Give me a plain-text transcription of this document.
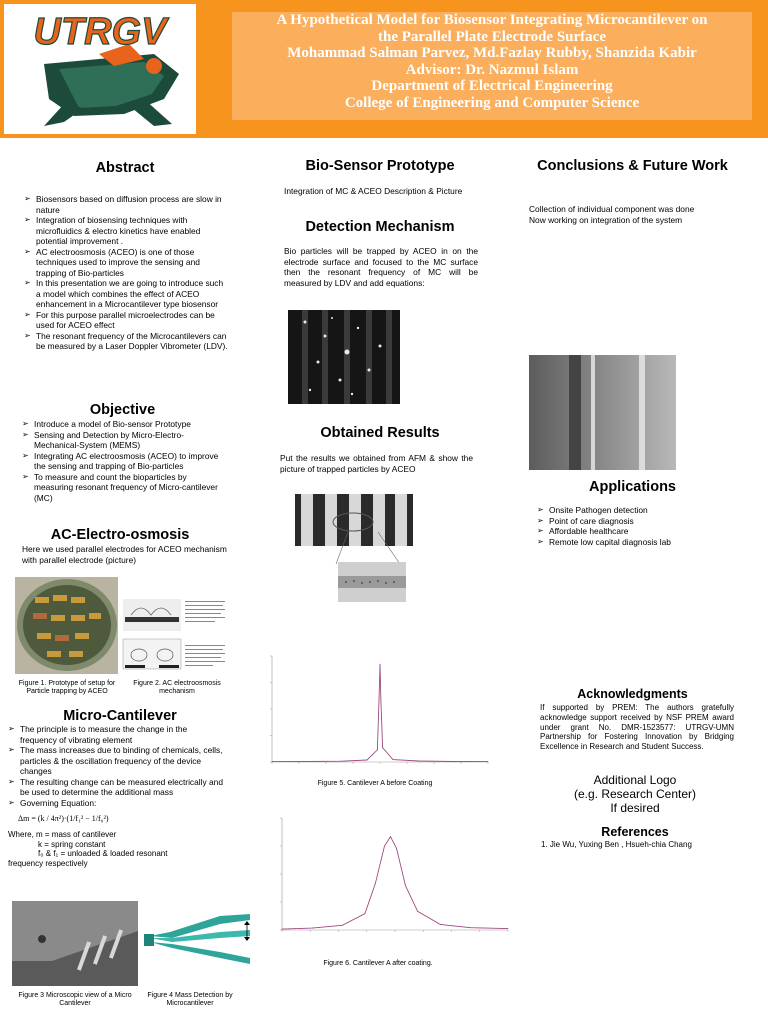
UTRGV	A Hypothetical Model for Biosensor Integrating Microcantilever on
the Parallel Plate Electrode Surface
Mohammad Salman Parvez, Md.Fazlay Rubby, Shanzida Kabir
Advisor: Dr. Nazmul Islam
Department of Electrical Engineering
College of Engineering and Computer Science
Abstract
➢ Biosensors based on diffusion process are slow in nature
➢ Integration of biosensing techniques with microfluidics & electro kinetics have enabled potential improvement .
➢ AC electroosmosis (ACEO) is one of those techniques used to improve the sensing and trapping of Bio-particles
➢ In this presentation we are going to introduce such a model which combines the effect of ACEO enhancement in a Microcantilever type biosensor
➢ For this purpose parallel microelectrodes can be used for ACEO effect
➢ The resonant frequency of the Microcantilevers can be measured by a Laser Doppler Vibrometer (LDV).
Objective
➢ Introduce a model of Bio-sensor Prototype
➢ Sensing and Detection by Micro-Electro-Mechanical-System (MEMS)
➢ Integrating AC electroosmosis (ACEO) to improve the sensing and trapping of Bio-particles
➢ To measure and count the bioparticles by measuring resonant frequency of Micro-cantilever (MC)
AC-Electro-osmosis
Here we used parallel electrodes for ACEO mechanism with parallel electrode (picture)
Figure 1. Prototype of setup for Particle trapping by ACEO
Figure 2. AC electroosmosis mechanism
Micro-Cantilever
➢ The principle is to measure the change in the frequency of vibrating element
➢ The mass increases due to binding of chemicals, cells, particles & the oscillation frequency of the device changes
➢ The resulting change can be measured electrically and be used to determine the additional mass
➢ Governing Equation:
Δm = (k / 4π²)·(1/f₁² − 1/f₀²)
Where, m = mass of cantilever
k = spring constant
f₀ & f₁ = unloaded & loaded resonant
frequency respectively
Figure 3 Microscopic view of a Micro Cantilever
Figure 4 Mass Detection by Microcantilever
Bio-Sensor Prototype
Integration of MC & ACEO Description & Picture
Detection Mechanism
Bio particles will be trapped by ACEO in on the electrode surface and focused to the MC surface then the resonant frequency of MC will be measured by LDV and add equations:
Obtained Results
Put the results we obtained from AFM & show the picture of trapped particles by ACEO
Figure 5. Cantilever A before Coating
Figure 6. Cantilever A after coating.
Conclusions & Future Work
Collection of individual component was done
Now working on integration of the system
Applications
➢ Onsite Pathogen detection
➢ Point of care diagnosis
➢ Affordable healthcare
➢ Remote low capital diagnosis lab
Acknowledgments
If supported by PREM: The authors gratefully acknowledge support received by NSF PREM award under grant No. DMR-1523577: UTRGV-UMN Partnership for Fostering Innovation by Bridging Excellence in Research and Student Success.
Additional Logo
(e.g. Research Center)
If desired
References
1. Jie Wu, Yuxing Ben , Hsueh-chia Chang
